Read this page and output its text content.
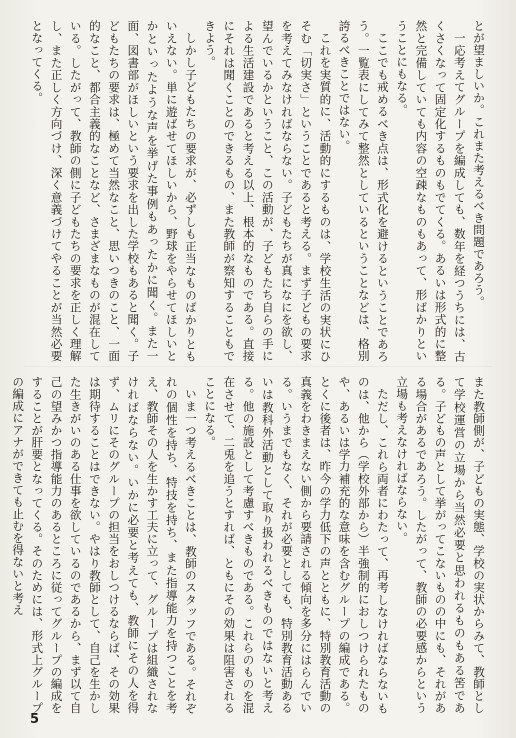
とが望ましいか。これまた考えるべき問題であろう。

一応考えてグループを編成しても、数年を経つうちには、古くさくなって固定化するものもでてくる。あるいは形式的に整然と完備していても内容の空疎なものもあって、形ばかりということにもなる。

ここでも戒めるべき点は、形式化を避けるということであろう。一覧表にしてみて整然としているということなどは、格別誇るべきことではない。

これを実質的に、活動的にするものは、学校生活の実状にひそむ「切実さ」ということであると考える。まず子どもの要求を考えてみなければならない。子どもたちが真になにを欲し、望んでいるかということ、この活動が、子どもたち自らの手による生活建設であると考える以上、根本的なものである。直接にそれは聞くことのできるもの、また教師が察知することもできよう。

しかし子どもたちの要求が、必ずしも正当なものばかりともいえない。単に遊ばせてほしいから、野球をやらせてほしいとかといったような声を挙げた事例もあったかに聞く。また一面、図書部がほしいという要求を出した学校もあると聞く。子どもたちの要求は、極めて当然なこと、思いつきのこと、一面的なこと、都合主義的なことなど、さまざまなものが混在している。したがって、教師の側に子どもたちの要求を正しく理解し、また正しく方向づけ、深く意義づけてやることが当然必要となってくる。

また教師側が、子どもの実態、学校の実状からみて、教師として学校運営の立場から当然必要と思われるものもある筈である。子どもの声として挙がってこないものの中にも、それがある場合があるであろう。したがって、教師の必要感からという立場も考えなければならない。

ただし、これら両者にわたって、再考しなければならないものは、他から（学校外部から）半強制的におしつけられたものや、あるいは学力補充的な意味を含むグループの編成である。とくに後者は、昨今の学力低下の声とともに、特別教育活動の真義をわきまえない側から要請される傾向を多分にはらんでいる。いうまでもなく、それが必要としても、特別教育活動あるいは教科外活動として取り扱われるべきものではないと考える。他の施設として考慮すべきものである。これらのものを混在させて、二兎を追うとすれば、ともにその効果は阻害されることになる。

いま一つ考えるべきことは、教師のスタッフである。それぞれの個性を持ち、特技を持ち、また指導能力を持つことを考え、教師その人を生かす工夫に立って、グループは組織されなければならない。いかに必要と考えても、教師にその人を得ず、ムリにそのグループの担当をおしつけるならば、その効果は期待することはできない。やはり教師として、自己を生かした生きがいのある仕事を欲しているのであるから、まず以て自己の望みかつ指導能力のあるところに従ってグループの編成をすることが肝要となってくる。そのためには、形式上グループの編成にアナができても止むを得ないと考え

5
